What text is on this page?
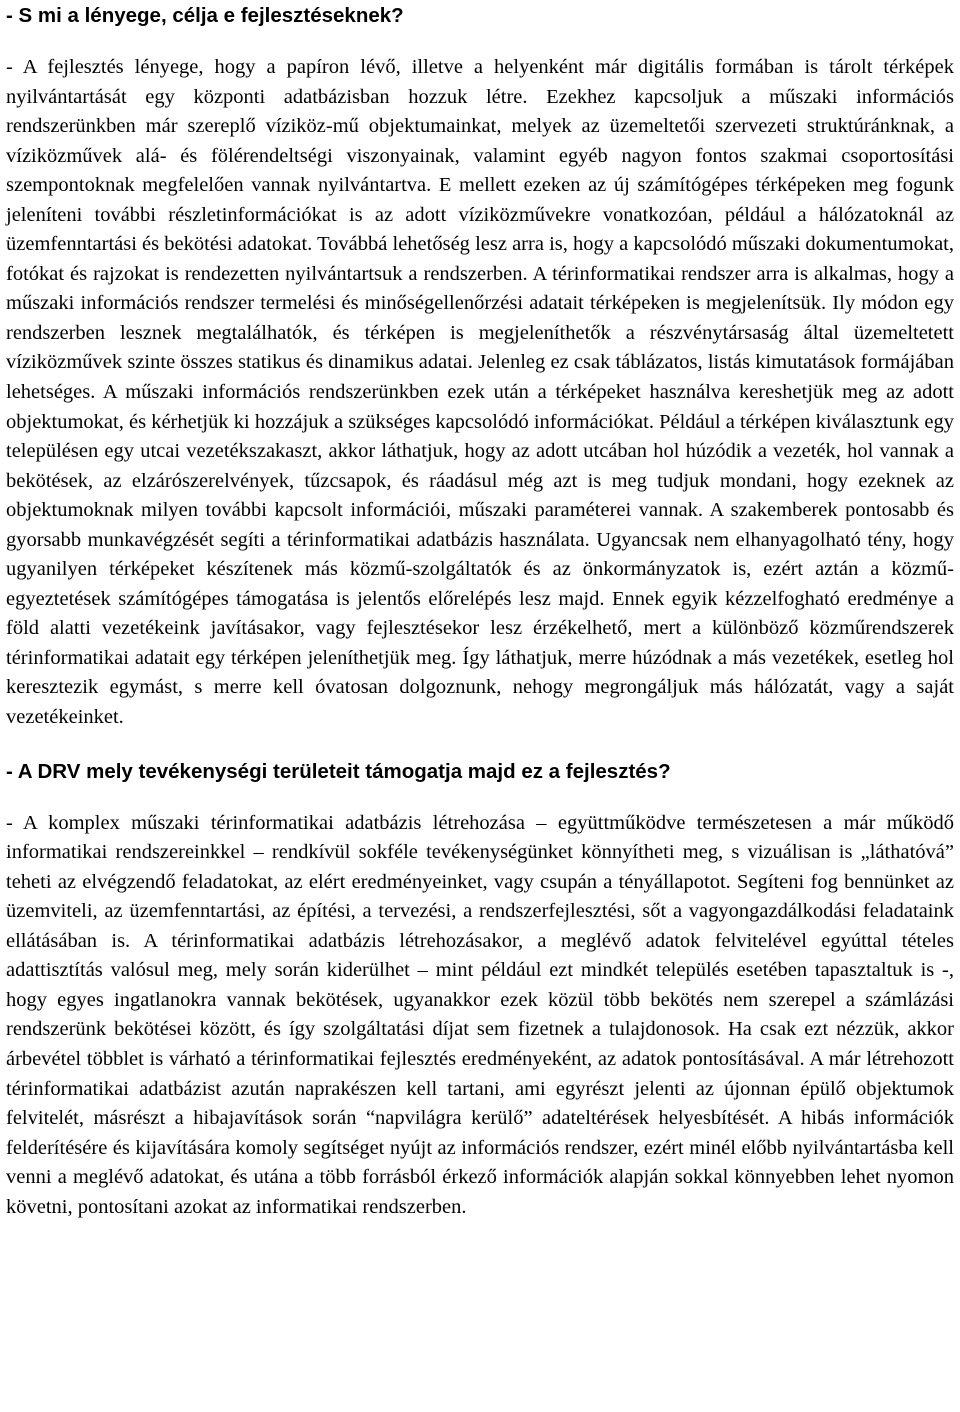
- S mi a lényege, célja e fejlesztéseknek?

- A fejlesztés lényege, hogy a papíron lévő, illetve a helyenként már digitális formában is tárolt térképek nyilvántartását egy központi adatbázisban hozzuk létre. Ezekhez kapcsoljuk a műszaki információs rendszerünkben már szereplő víziköz-mű objektumainkat, melyek az üzemeltetői szervezeti struktúránknak, a víziközművek alá- és fölérendeltségi viszonyainak, valamint egyéb nagyon fontos szakmai csoportosítási szempontoknak megfelelően vannak nyilvántartva. E mellett ezeken az új számítógépes térképeken meg fogunk jeleníteni további részletinformációkat is az adott víziközművekre vonatkozóan, például a hálózatoknál az üzemfenntartási és bekötési adatokat. Továbbá lehetőség lesz arra is, hogy a kapcsolódó műszaki dokumentumokat, fotókat és rajzokat is rendezetten nyilvántartsuk a rendszerben. A térinformatikai rendszer arra is alkalmas, hogy a műszaki információs rendszer termelési és minőségellenőrzési adatait térképeken is megjelenítsük. Ily módon egy rendszerben lesznek megtalálhatók, és térképen is megjeleníthetők a részvénytársaság által üzemeltetett víziközművek szinte összes statikus és dinamikus adatai. Jelenleg ez csak táblázatos, listás kimutatások formájában lehetséges. A műszaki információs rendszerünkben ezek után a térképeket használva kereshetjük meg az adott objektumokat, és kérhetjük ki hozzájuk a szükséges kapcsolódó információkat. Például a térképen kiválasztunk egy településen egy utcai vezetékszakaszt, akkor láthatjuk, hogy az adott utcában hol húzódik a vezeték, hol vannak a bekötések, az elzárószerelvények, tűzcsapok, és ráadásul még azt is meg tudjuk mondani, hogy ezeknek az objektumoknak milyen további kapcsolt információi, műszaki paraméterei vannak. A szakemberek pontosabb és gyorsabb munkavégzését segíti a térinformatikai adatbázis használata. Ugyancsak nem elhanyagolható tény, hogy ugyanilyen térképeket készítenek más közmű-szolgáltatók és az önkormányzatok is, ezért aztán a közmű-egyeztetések számítógépes támogatása is jelentős előrelépés lesz majd. Ennek egyik kézzelfogható eredménye a föld alatti vezetékeink javításakor, vagy fejlesztésekor lesz érzékelhető, mert a különböző közműrendszerek térinformatikai adatait egy térképen jeleníthetjük meg. Így láthatjuk, merre húzódnak a más vezetékek, esetleg hol keresztezik egymást, s merre kell óvatosan dolgoznunk, nehogy megrongáljuk más hálózatát, vagy a saját vezetékeinket.

- A DRV mely tevékenységi területeit támogatja majd ez a fejlesztés?

- A komplex műszaki térinformatikai adatbázis létrehozása – együttműködve természetesen a már működő informatikai rendszereinkkel – rendkívül sokféle tevékenységünket könnyítheti meg, s vizuálisan is „láthatóvá” teheti az elvégzendő feladatokat, az elért eredményeinket, vagy csupán a tényállapotot. Segíteni fog bennünket az üzemviteli, az üzemfenntartási, az építési, a tervezési, a rendszerfejlesztési, sőt a vagyongazdálkodási feladataink ellátásában is. A térinformatikai adatbázis létrehozásakor, a meglévő adatok felvitelével egyúttal tételes adattisztítás valósul meg, mely során kiderülhet – mint például ezt mindkét település esetében tapasztaltuk is -, hogy egyes ingatlanokra vannak bekötések, ugyanakkor ezek közül több bekötés nem szerepel a számlázási rendszerünk bekötései között, és így szolgáltatási díjat sem fizetnek a tulajdonosok. Ha csak ezt nézzük, akkor árbevétel többlet is várható a térinformatikai fejlesztés eredményeként, az adatok pontosításával. A már létrehozott térinformatikai adatbázist azután naprakészen kell tartani, ami egyrészt jelenti az újonnan épülő objektumok felvitelét, másrészt a hibajavítások során “napvilágra kerülő” adateltérések helyesbítését. A hibás információk felderítésére és kijavítására komoly segítséget nyújt az információs rendszer, ezért minél előbb nyilvántartásba kell venni a meglévő adatokat, és utána a több forrásból érkező információk alapján sokkal könnyebben lehet nyomon követni, pontosítani azokat az informatikai rendszerben.
